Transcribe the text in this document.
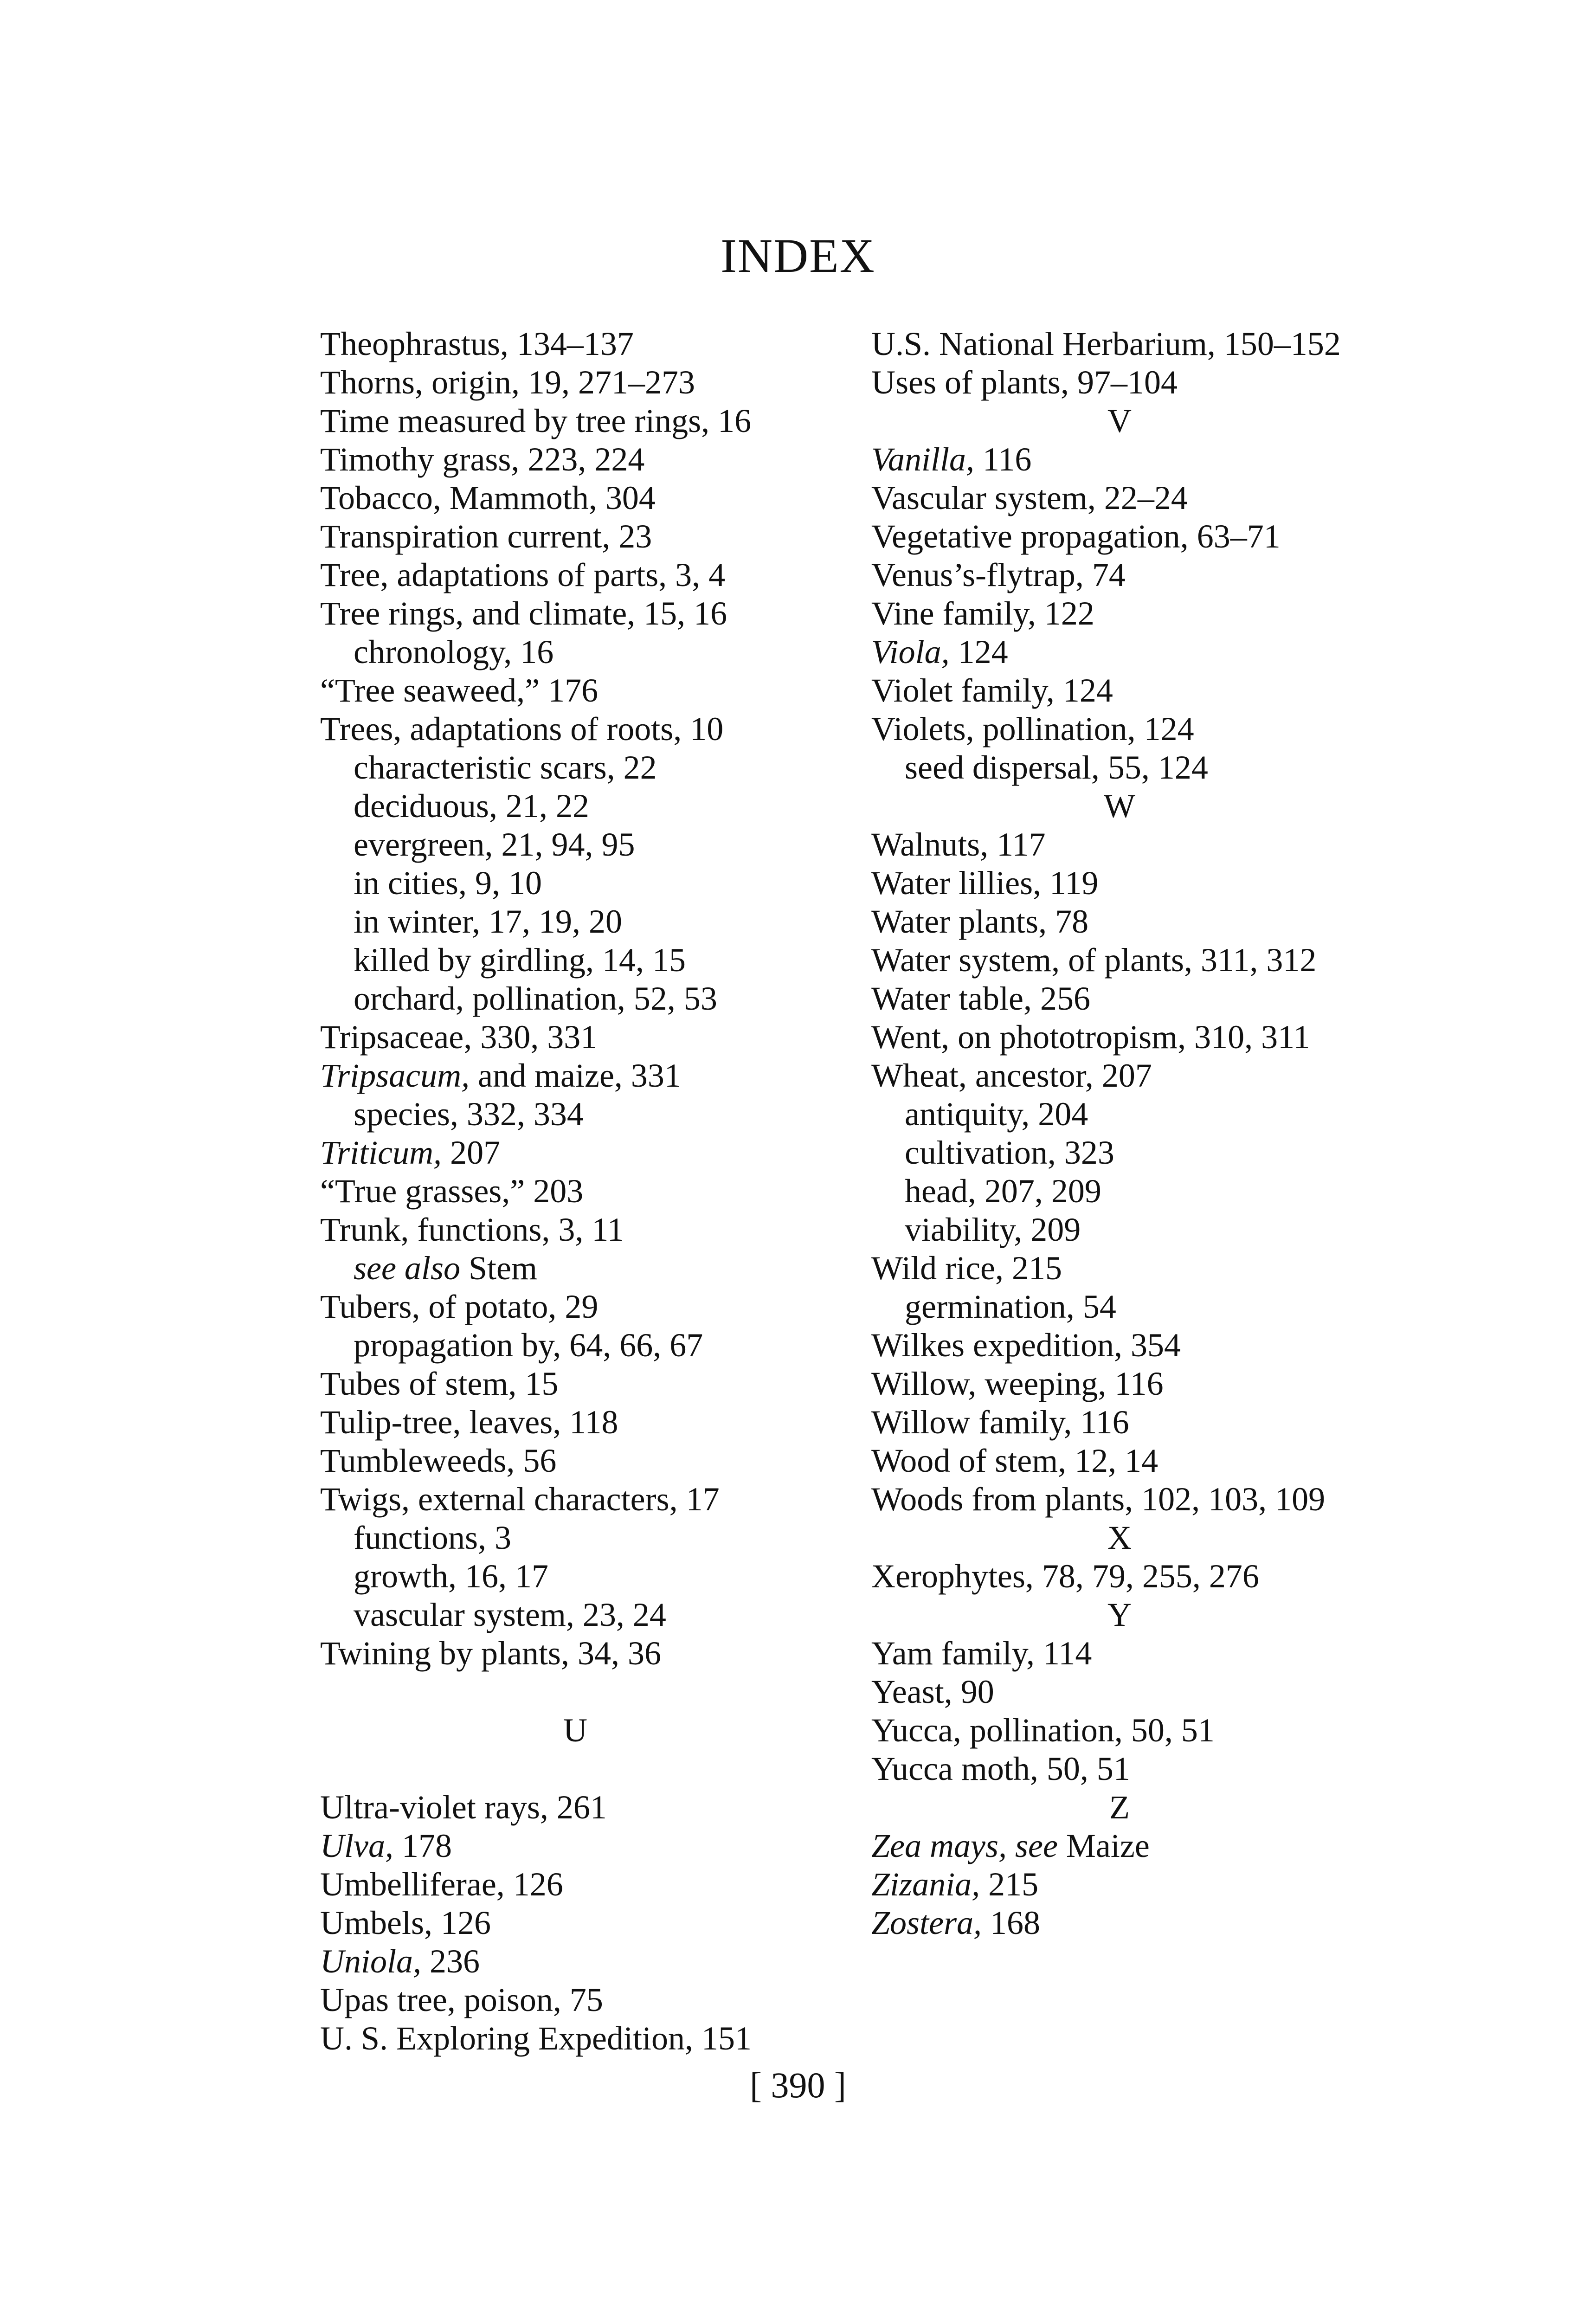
INDEX
Theophrastus, 134–137
Thorns, origin, 19, 271–273
Time measured by tree rings, 16
Timothy grass, 223, 224
Tobacco, Mammoth, 304
Transpiration current, 23
Tree, adaptations of parts, 3, 4
Tree rings, and climate, 15, 16
chronology, 16
“Tree seaweed,” 176
Trees, adaptations of roots, 10
characteristic scars, 22
deciduous, 21, 22
evergreen, 21, 94, 95
in cities, 9, 10
in winter, 17, 19, 20
killed by girdling, 14, 15
orchard, pollination, 52, 53
Tripsaceae, 330, 331
Tripsacum, and maize, 331
species, 332, 334
Triticum, 207
“True grasses,” 203
Trunk, functions, 3, 11
see also Stem
Tubers, of potato, 29
propagation by, 64, 66, 67
Tubes of stem, 15
Tulip-tree, leaves, 118
Tumbleweeds, 56
Twigs, external characters, 17
functions, 3
growth, 16, 17
vascular system, 23, 24
Twining by plants, 34, 36
U
Ultra-violet rays, 261
Ulva, 178
Umbelliferae, 126
Umbels, 126
Uniola, 236
Upas tree, poison, 75
U. S. Exploring Expedition, 151
U.S. National Herbarium, 150–152
Uses of plants, 97–104
V
Vanilla, 116
Vascular system, 22–24
Vegetative propagation, 63–71
Venus’s-flytrap, 74
Vine family, 122
Viola, 124
Violet family, 124
Violets, pollination, 124
seed dispersal, 55, 124
W
Walnuts, 117
Water lillies, 119
Water plants, 78
Water system, of plants, 311, 312
Water table, 256
Went, on phototropism, 310, 311
Wheat, ancestor, 207
antiquity, 204
cultivation, 323
head, 207, 209
viability, 209
Wild rice, 215
germination, 54
Wilkes expedition, 354
Willow, weeping, 116
Willow family, 116
Wood of stem, 12, 14
Woods from plants, 102, 103, 109
X
Xerophytes, 78, 79, 255, 276
Y
Yam family, 114
Yeast, 90
Yucca, pollination, 50, 51
Yucca moth, 50, 51
Z
Zea mays, see Maize
Zizania, 215
Zostera, 168
[ 390 ]
